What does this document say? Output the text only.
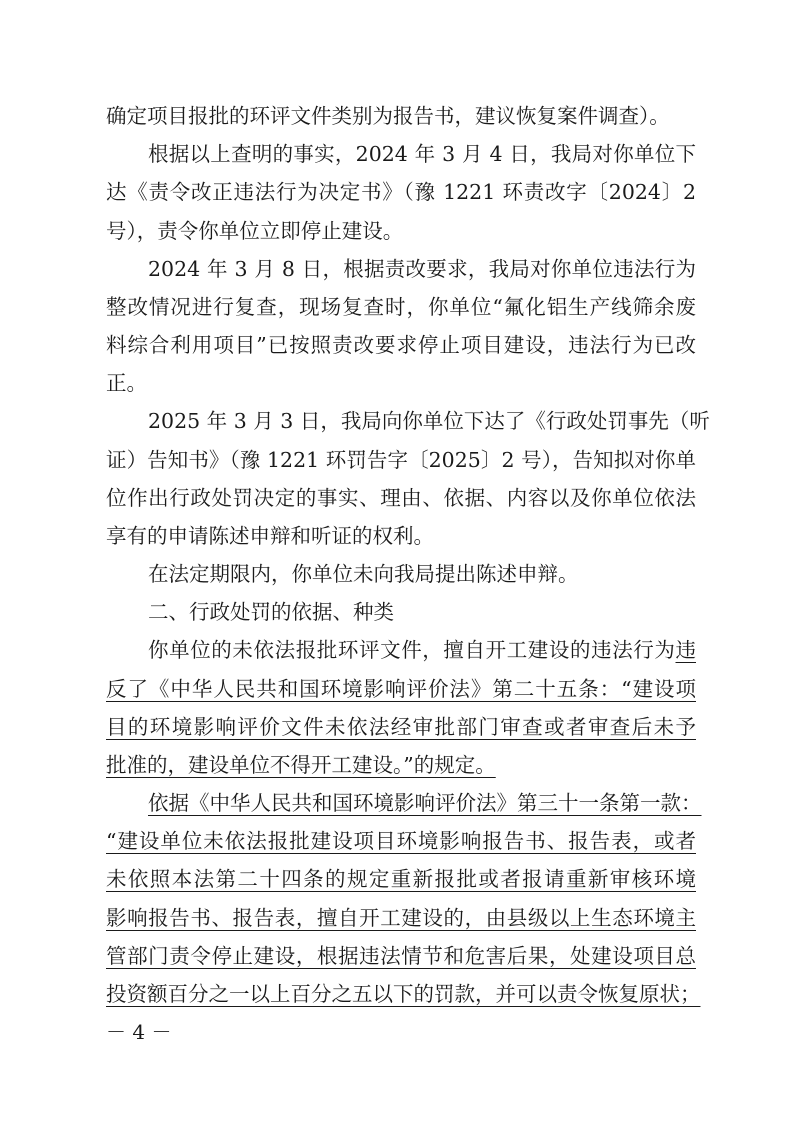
确定项目报批的环评文件类别为报告书，建议恢复案件调查）。
根据以上查明的事实，2024 年 3 月 4 日，我局对你单位下
达《责令改正违法行为决定书》（豫 1221 环责改字〔2024〕2
号），责令你单位立即停止建设。
2024 年 3 月 8 日，根据责改要求，我局对你单位违法行为
整改情况进行复查，现场复查时，你单位“氟化铝生产线筛余废
料综合利用项目”已按照责改要求停止项目建设，违法行为已改
正。
2025 年 3 月 3 日，我局向你单位下达了《行政处罚事先（听
证）告知书》（豫 1221 环罚告字〔2025〕2 号），告知拟对你单
位作出行政处罚决定的事实、理由、依据、内容以及你单位依法
享有的申请陈述申辩和听证的权利。
在法定期限内，你单位未向我局提出陈述申辩。
二、行政处罚的依据、种类
你单位的未依法报批环评文件，擅自开工建设的违法行为违
反了《中华人民共和国环境影响评价法》第二十五条：“建设项
目的环境影响评价文件未依法经审批部门审查或者审查后未予
批准的，建设单位不得开工建设。”的规定。
依据《中华人民共和国环境影响评价法》第三十一条第一款：
“建设单位未依法报批建设项目环境影响报告书、报告表，或者
未依照本法第二十四条的规定重新报批或者报请重新审核环境
影响报告书、报告表，擅自开工建设的，由县级以上生态环境主
管部门责令停止建设，根据违法情节和危害后果，处建设项目总
投资额百分之一以上百分之五以下的罚款，并可以责令恢复原状；
－ 4 －
